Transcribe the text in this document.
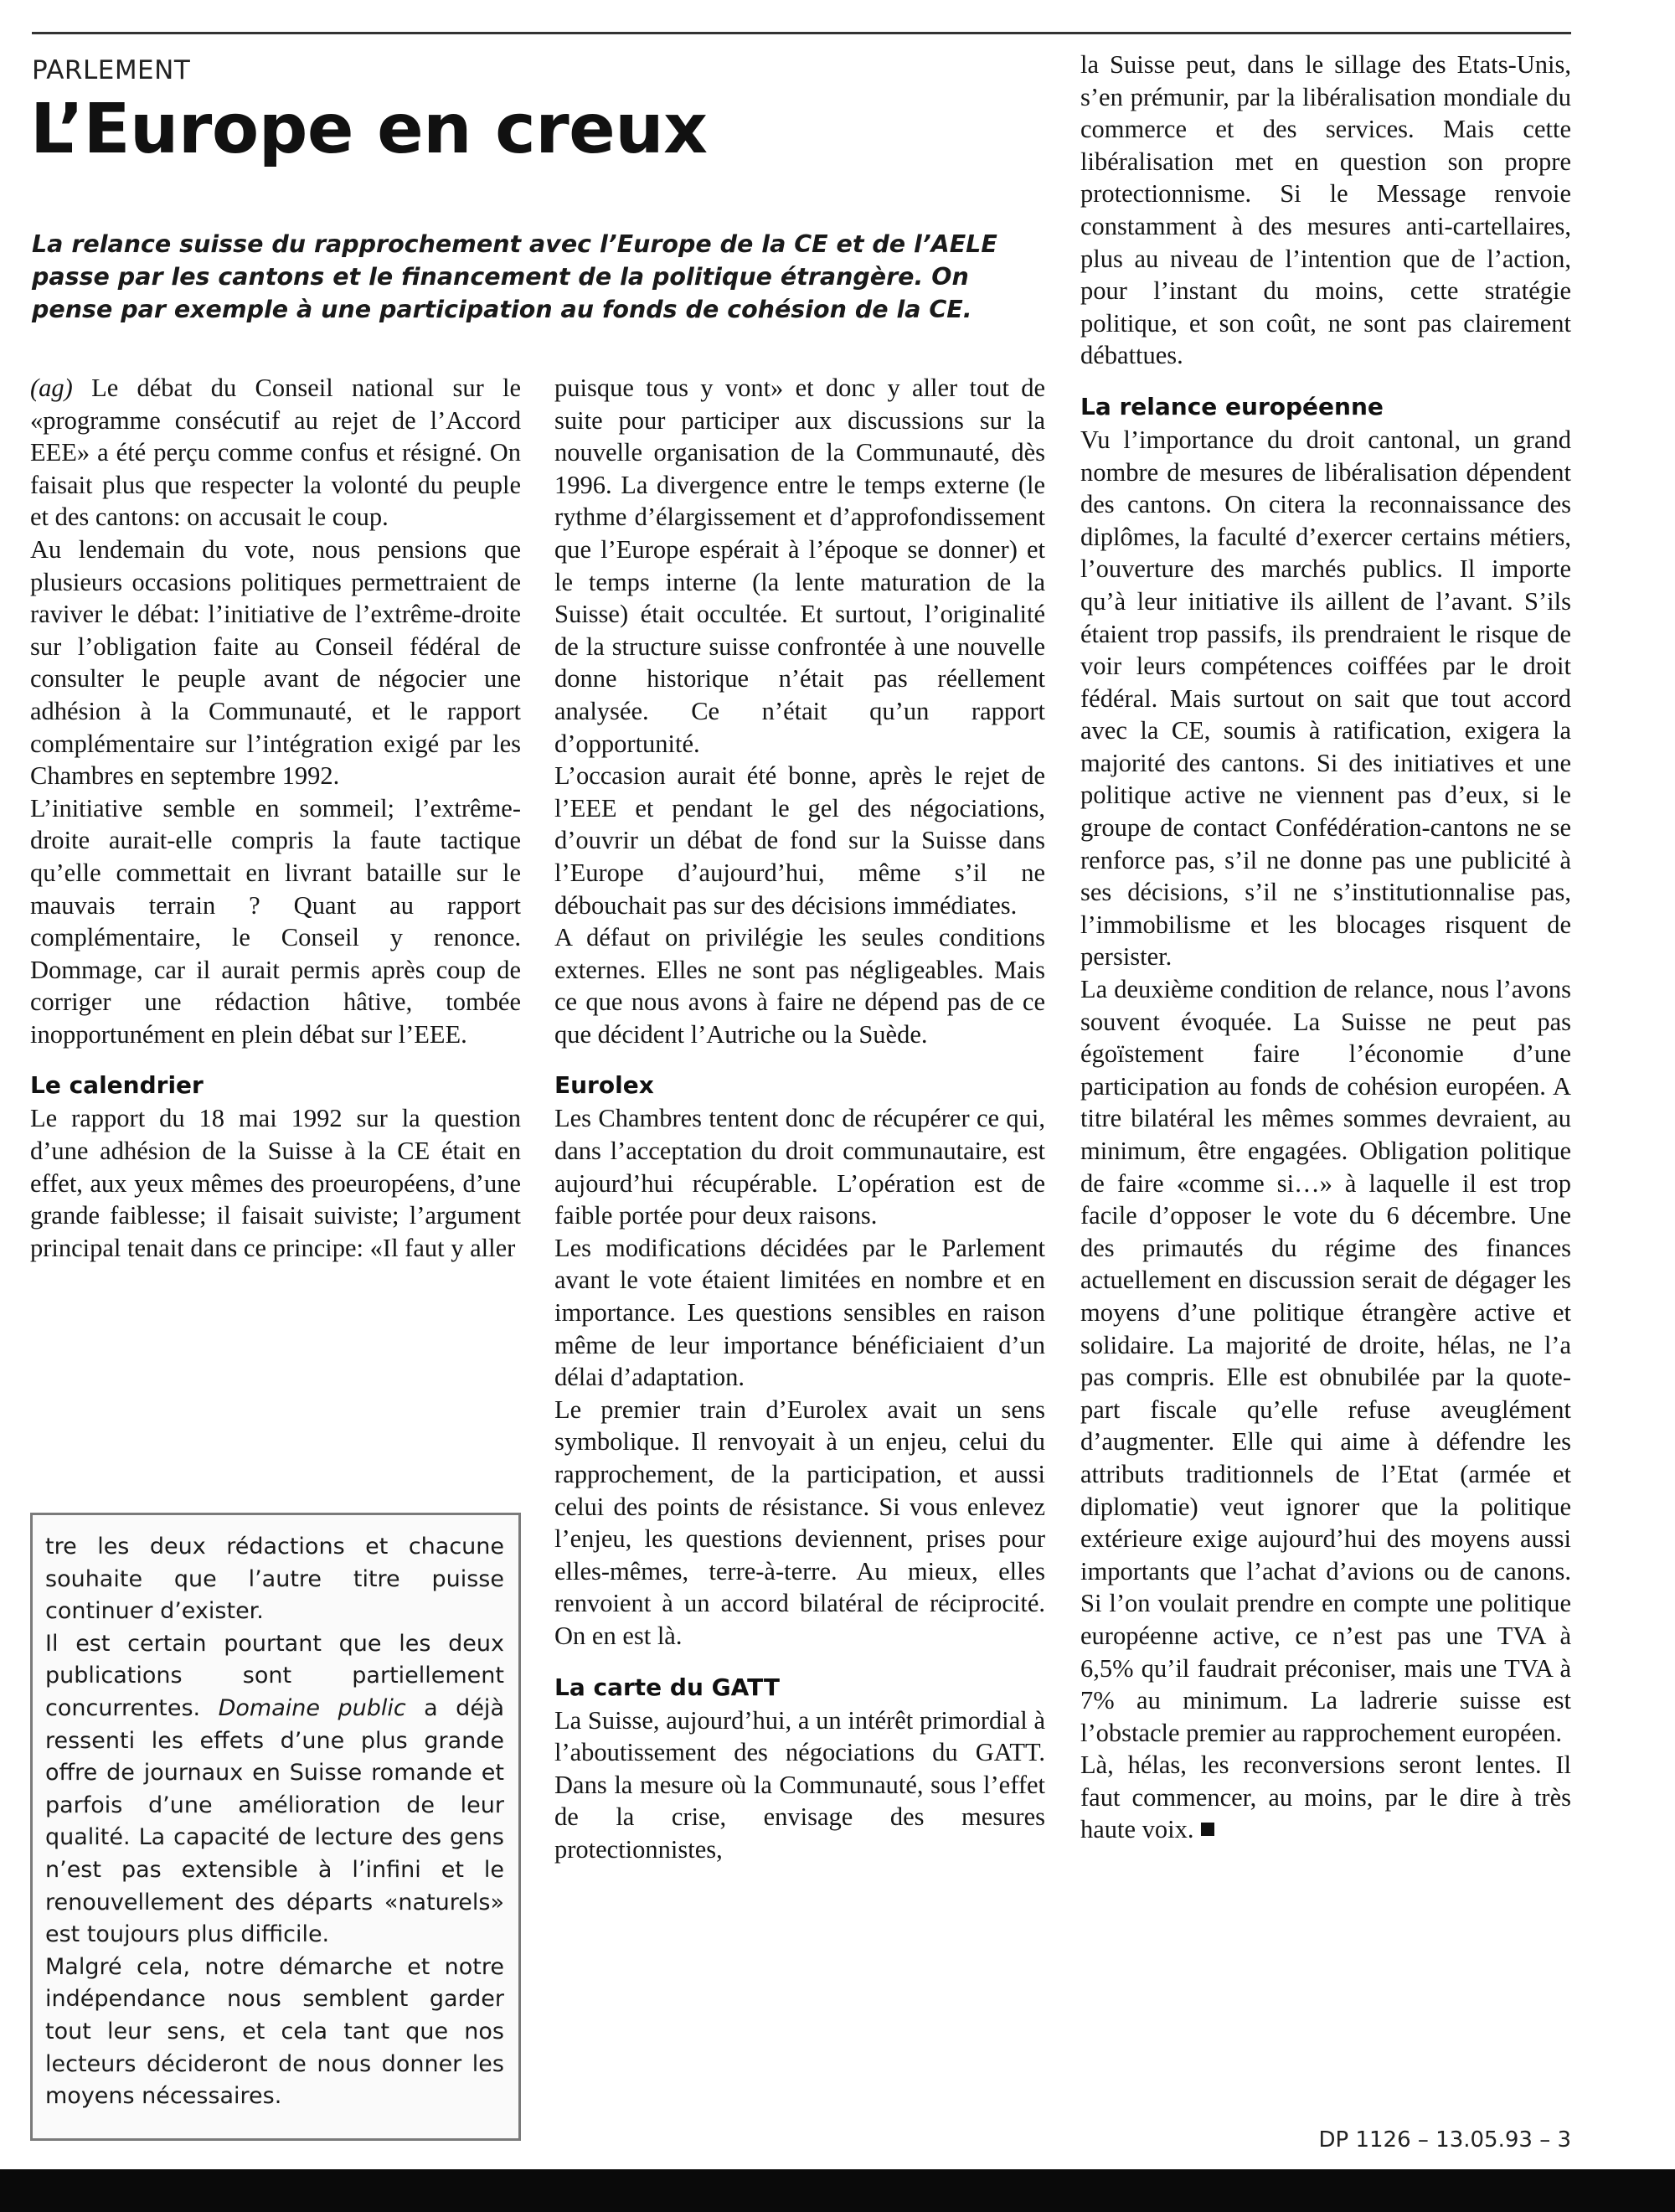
PARLEMENT

L’Europe en creux

La relance suisse du rapprochement avec l’Europe de la CE et de l’AELE passe par les cantons et le financement de la politique étrangère. On pense par exemple à une participation au fonds de cohésion de la CE.

(ag) Le débat du Conseil national sur le «programme consécutif au rejet de l’Accord EEE» a été perçu comme confus et résigné. On faisait plus que respecter la volonté du peuple et des cantons: on accusait le coup.

Au lendemain du vote, nous pensions que plusieurs occasions politiques permettraient de raviver le débat: l’initiative de l’extrême-droite sur l’obligation faite au Conseil fédéral de consulter le peuple avant de négocier une adhésion à la Communauté, et le rapport complémentaire sur l’intégration exigé par les Chambres en septembre 1992.

L’initiative semble en sommeil; l’extrême-droite aurait-elle compris la faute tactique qu’elle commettait en livrant bataille sur le mauvais terrain ? Quant au rapport complémentaire, le Conseil y renonce. Dommage, car il aurait permis après coup de corriger une rédaction hâtive, tombée inopportunément en plein débat sur l’EEE.

Le calendrier

Le rapport du 18 mai 1992 sur la question d’une adhésion de la Suisse à la CE était en effet, aux yeux mêmes des proeuropéens, d’une grande faiblesse; il faisait suiviste; l’argument principal tenait dans ce principe: «Il faut y aller

puisque tous y vont» et donc y aller tout de suite pour participer aux discussions sur la nouvelle organisation de la Communauté, dès 1996. La divergence entre le temps externe (le rythme d’élargissement et d’approfondissement que l’Europe espérait à l’époque se donner) et le temps interne (la lente maturation de la Suisse) était occultée. Et surtout, l’originalité de la structure suisse confrontée à une nouvelle donne historique n’était pas réellement analysée. Ce n’était qu’un rapport d’opportunité.

L’occasion aurait été bonne, après le rejet de l’EEE et pendant le gel des négociations, d’ouvrir un débat de fond sur la Suisse dans l’Europe d’aujourd’hui, même s’il ne débouchait pas sur des décisions immédiates.

A défaut on privilégie les seules conditions externes. Elles ne sont pas négligeables. Mais ce que nous avons à faire ne dépend pas de ce que décident l’Autriche ou la Suède.

Eurolex

Les Chambres tentent donc de récupérer ce qui, dans l’acceptation du droit communautaire, est aujourd’hui récupérable. L’opération est de faible portée pour deux raisons.

Les modifications décidées par le Parlement avant le vote étaient limitées en nombre et en importance. Les questions sensibles en raison même de leur importance bénéficiaient d’un délai d’adaptation.

Le premier train d’Eurolex avait un sens symbolique. Il renvoyait à un enjeu, celui du rapprochement, de la participation, et aussi celui des points de résistance. Si vous enlevez l’enjeu, les questions deviennent, prises pour elles-mêmes, terre-à-terre. Au mieux, elles renvoient à un accord bilatéral de réciprocité. On en est là.

La carte du GATT

La Suisse, aujourd’hui, a un intérêt primordial à l’aboutissement des négociations du GATT. Dans la mesure où la Communauté, sous l’effet de la crise, envisage des mesures protectionnistes,

la Suisse peut, dans le sillage des Etats-Unis, s’en prémunir, par la libéralisation mondiale du commerce et des services. Mais cette libéralisation met en question son propre protectionnisme. Si le Message renvoie constamment à des mesures anti-cartellaires, plus au niveau de l’intention que de l’action, pour l’instant du moins, cette stratégie politique, et son coût, ne sont pas clairement débattues.

La relance européenne

Vu l’importance du droit cantonal, un grand nombre de mesures de libéralisation dépendent des cantons. On citera la reconnaissance des diplômes, la faculté d’exercer certains métiers, l’ouverture des marchés publics. Il importe qu’à leur initiative ils aillent de l’avant. S’ils étaient trop passifs, ils prendraient le risque de voir leurs compétences coiffées par le droit fédéral. Mais surtout on sait que tout accord avec la CE, soumis à ratification, exigera la majorité des cantons. Si des initiatives et une politique active ne viennent pas d’eux, si le groupe de contact Confédération-cantons ne se renforce pas, s’il ne donne pas une publicité à ses décisions, s’il ne s’institutionnalise pas, l’immobilisme et les blocages risquent de persister.

La deuxième condition de relance, nous l’avons souvent évoquée. La Suisse ne peut pas égoïstement faire l’économie d’une participation au fonds de cohésion européen. A titre bilatéral les mêmes sommes devraient, au minimum, être engagées. Obligation politique de faire «comme si…» à laquelle il est trop facile d’opposer le vote du 6 décembre. Une des primautés du régime des finances actuellement en discussion serait de dégager les moyens d’une politique étrangère active et solidaire. La majorité de droite, hélas, ne l’a pas compris. Elle est obnubilée par la quote-part fiscale qu’elle refuse aveuglément d’augmenter. Elle qui aime à défendre les attributs traditionnels de l’Etat (armée et diplomatie) veut ignorer que la politique extérieure exige aujourd’hui des moyens aussi importants que l’achat d’avions ou de canons. Si l’on voulait prendre en compte une politique européenne active, ce n’est pas une TVA à 6,5% qu’il faudrait préconiser, mais une TVA à 7% au minimum. La ladrerie suisse est l’obstacle premier au rapprochement européen.

Là, hélas, les reconversions seront lentes. Il faut commencer, au moins, par le dire à très haute voix.

tre les deux rédactions et chacune souhaite que l’autre titre puisse continuer d’exister.

Il est certain pourtant que les deux publications sont partiellement concurrentes. Domaine public a déjà ressenti les effets d’une plus grande offre de journaux en Suisse romande et parfois d’une amélioration de leur qualité. La capacité de lecture des gens n’est pas extensible à l’infini et le renouvellement des départs «naturels» est toujours plus difficile.

Malgré cela, notre démarche et notre indépendance nous semblent garder tout leur sens, et cela tant que nos lecteurs décideront de nous donner les moyens nécessaires.

DP 1126 – 13.05.93 – 3
